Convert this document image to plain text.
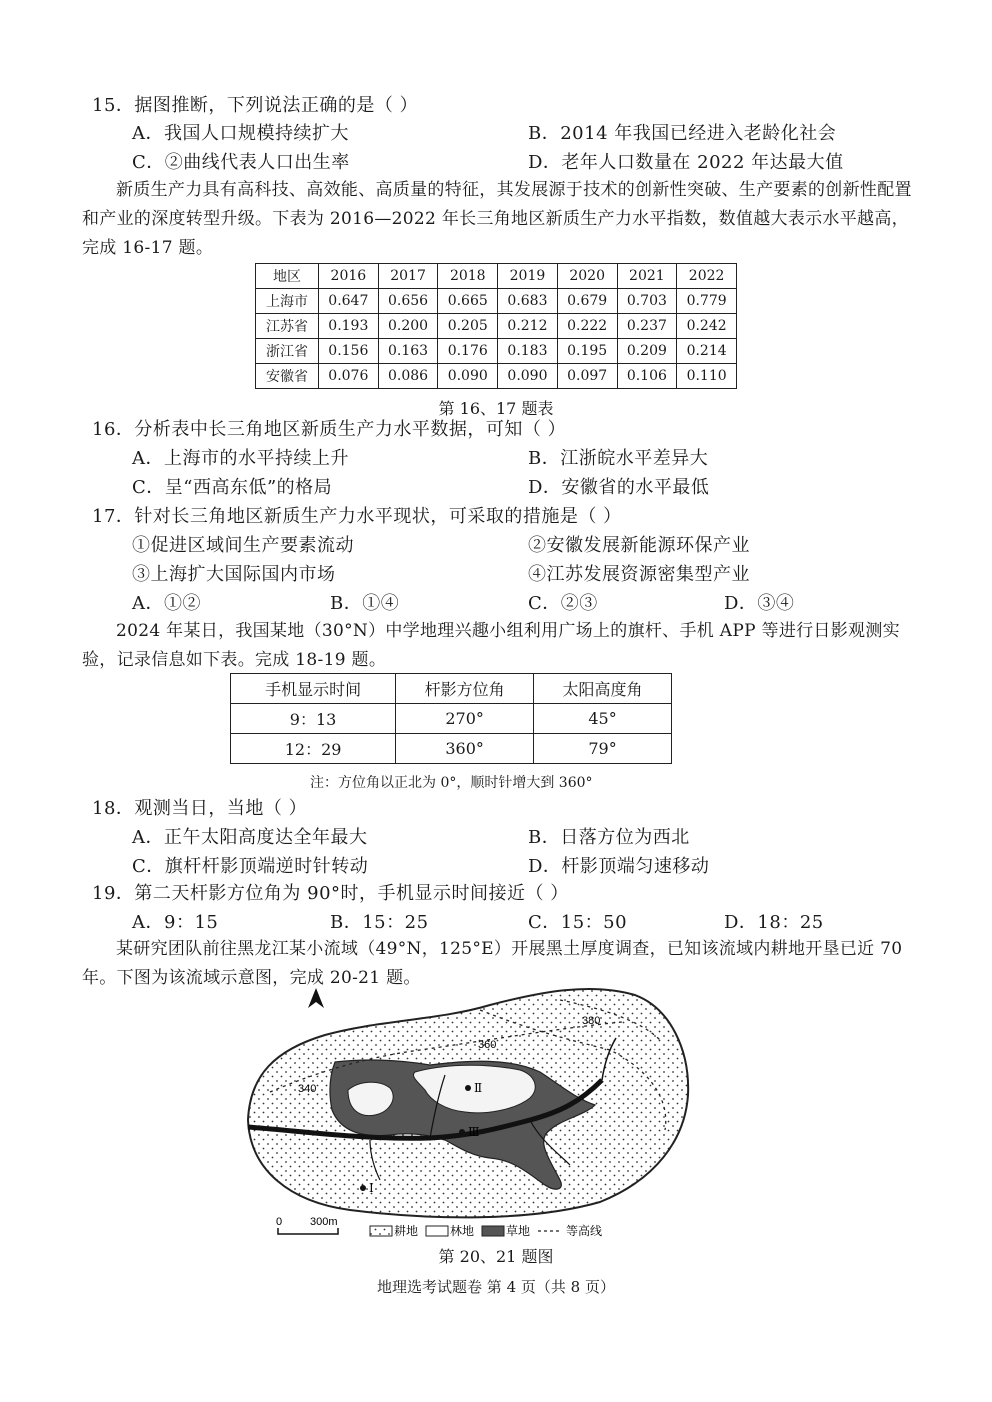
15．据图推断，下列说法正确的是（ ）
A．我国人口规模持续扩大	B．2014 年我国已经进入老龄化社会
C．②曲线代表人口出生率	D．老年人口数量在 2022 年达最大值
新质生产力具有高科技、高效能、高质量的特征，其发展源于技术的创新性突破、生产要素的创新性配置和产业的深度转型升级。下表为 2016—2022 年长三角地区新质生产力水平指数，数值越大表示水平越高，完成 16-17 题。
地区	2016	2017	2018	2019	2020	2021	2022
上海市	0.647	0.656	0.665	0.683	0.679	0.703	0.779
江苏省	0.193	0.200	0.205	0.212	0.222	0.237	0.242
浙江省	0.156	0.163	0.176	0.183	0.195	0.209	0.214
安徽省	0.076	0.086	0.090	0.090	0.097	0.106	0.110
第 16、17 题表
16．分析表中长三角地区新质生产力水平数据，可知（ ）
A．上海市的水平持续上升	B．江浙皖水平差异大
C．呈“西高东低”的格局	D．安徽省的水平最低
17．针对长三角地区新质生产力水平现状，可采取的措施是（ ）
①促进区域间生产要素流动	②安徽发展新能源环保产业
③上海扩大国际国内市场	④江苏发展资源密集型产业
A．①②	B．①④	C．②③	D．③④
2024 年某日，我国某地（30°N）中学地理兴趣小组利用广场上的旗杆、手机 APP 等进行日影观测实验，记录信息如下表。完成 18-19 题。
手机显示时间	杆影方位角	太阳高度角
9：13	270°	45°
12：29	360°	79°
注：方位角以正北为 0°，顺时针增大到 360°
18．观测当日，当地（ ）
A．正午太阳高度达全年最大	B．日落方位为西北
C．旗杆杆影顶端逆时针转动	D．杆影顶端匀速移动
19．第二天杆影方位角为 90°时，手机显示时间接近（ ）
A．9：15	B．15：25	C．15：50	D．18：25
某研究团队前往黑龙江某小流域（49°N，125°E）开展黑土厚度调查，已知该流域内耕地开垦已近 70 年。下图为该流域示意图，完成 20-21 题。
380
360
340	Ⅱ
Ⅲ
Ⅰ
0	300m
耕地	林地	草地	等高线
第 20、21 题图
地理选考试题卷 第 4 页（共 8 页）
